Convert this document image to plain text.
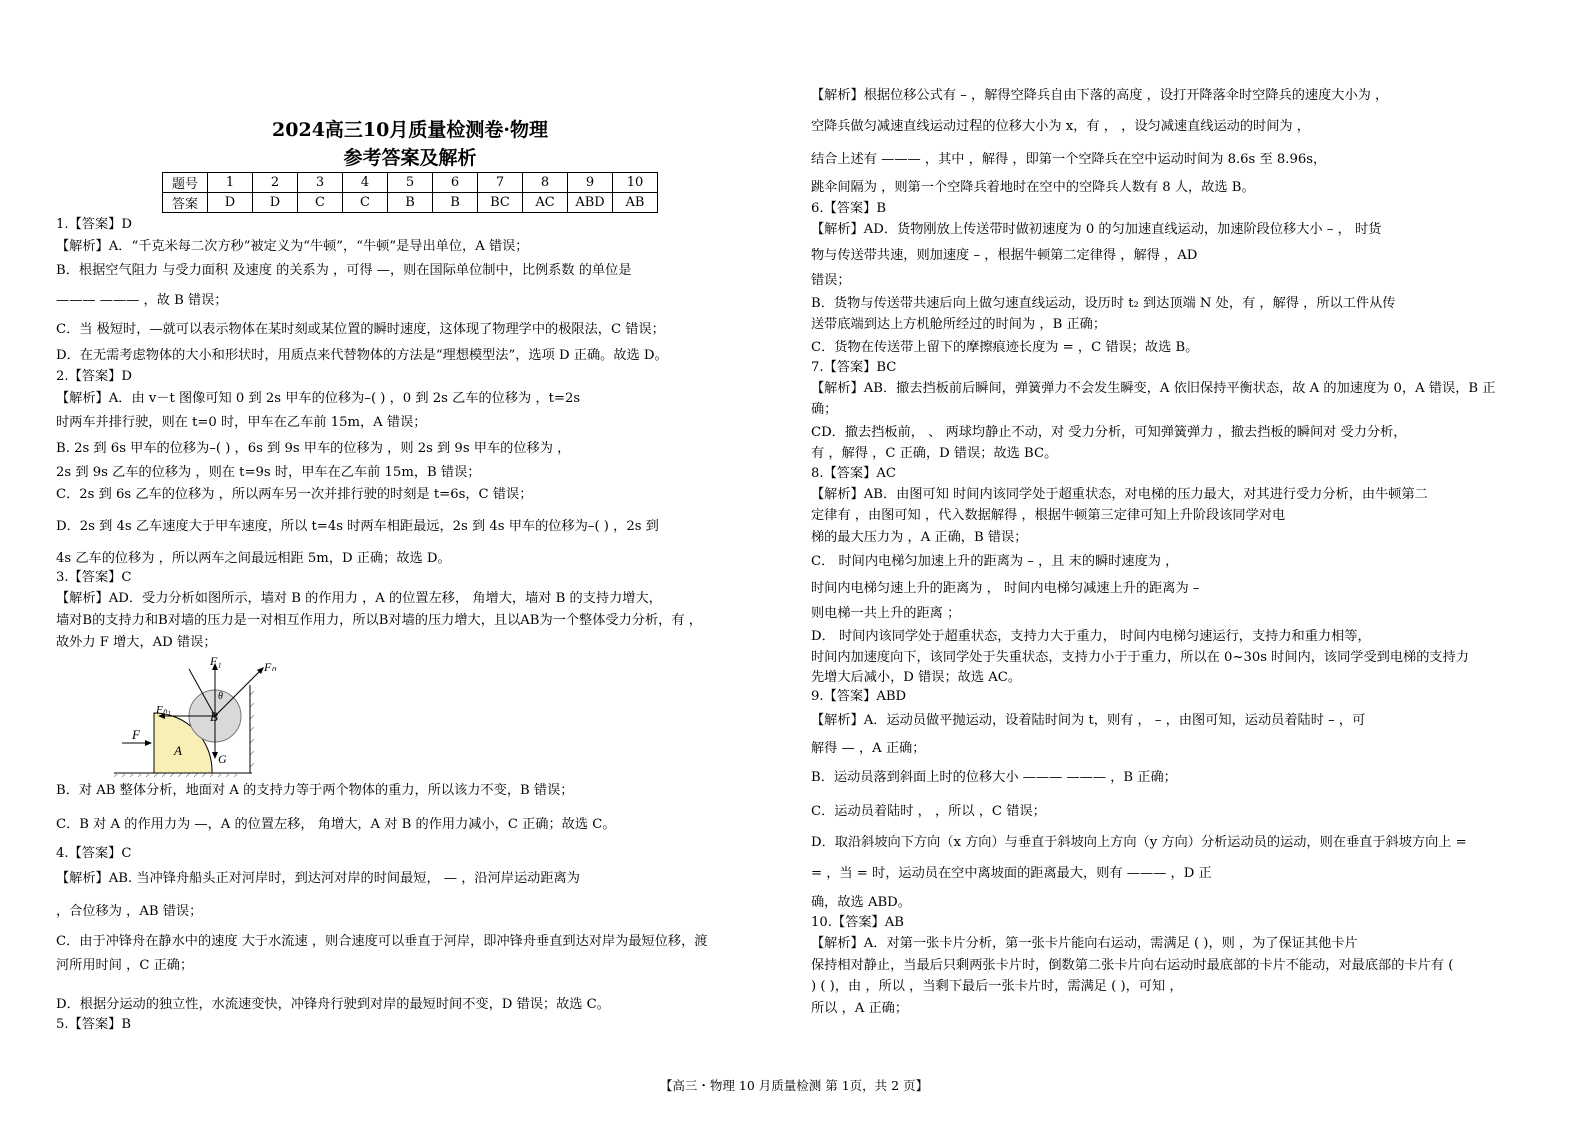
2024高三10月质量检测卷·物理
参考答案及解析
题号	1	2	3	4	5	6	7	8	9	10
答案	D	D	C	C	B	B	BC	AC	ABD	AB
1.【答案】D
【解析】A．“千克米每二次方秒”被定义为“牛顿”，“牛顿”是导出单位，A 错误；
B．根据空气阻力 与受力面积 及速度 的关系为 ，可得 —，则在国际单位制中，比例系数 的单位是
——— ——— ，故 B 错误；
C．当 极短时，—就可以表示物体在某时刻或某位置的瞬时速度，这体现了物理学中的极限法，C 错误；
D．在无需考虑物体的大小和形状时，用质点来代替物体的方法是“理想模型法”，选项 D 正确。故选 D。
2.【答案】D
【解析】A．由 v－t 图像可知 0 到 2s 甲车的位移为–( ) ，0 到 2s 乙车的位移为 ，t=2s
时两车并排行驶，则在 t=0 时，甲车在乙车前 15m，A 错误；
B. 2s 到 6s 甲车的位移为–( ) ，6s 到 9s 甲车的位移为 ，则 2s 到 9s 甲车的位移为 ，
2s 到 9s 乙车的位移为 ，则在 t=9s 时，甲车在乙车前 15m，B 错误；
C．2s 到 6s 乙车的位移为 ，所以两车另一次并排行驶的时刻是 t=6s，C 错误；
D．2s 到 4s 乙车速度大于甲车速度，所以 t=4s 时两车相距最远，2s 到 4s 甲车的位移为–( ) ，2s 到
4s 乙车的位移为 ，所以两车之间最远相距 5m，D 正确；故选 D。
3.【答案】C
【解析】AD．受力分析如图所示，墙对 B 的作用力 ，A 的位置左移， 角增大，墙对 B 的支持力增大，
墙对B的支持力和B对墙的压力是一对相互作用力，所以B对墙的压力增大，且以AB为一个整体受力分析，有 ，
故外力 F 增大，AD 错误；
F₁	Fₙ
Fₙ₁	B
θ
F
A
G
B．对 AB 整体分析，地面对 A 的支持力等于两个物体的重力，所以该力不变，B 错误；
C．B 对 A 的作用力为 —，A 的位置左移， 角增大，A 对 B 的作用力减小，C 正确；故选 C。
4.【答案】C
【解析】AB. 当冲锋舟船头正对河岸时，到达河对岸的时间最短， — ，沿河岸运动距离为
，合位移为 ，AB 错误；
C．由于冲锋舟在静水中的速度 大于水流速 ，则合速度可以垂直于河岸，即冲锋舟垂直到达对岸为最短位移，渡
河所用时间 ，C 正确；
D．根据分运动的独立性，水流速变快，冲锋舟行驶到对岸的最短时间不变，D 错误；故选 C。
5.【答案】B
【解析】根据位移公式有 – ，解得空降兵自由下落的高度 ，设打开降落伞时空降兵的速度大小为 ，
空降兵做匀减速直线运动过程的位移大小为 x，有 ， ，设匀减速直线运动的时间为 ，
结合上述有 ——— ，其中 ，解得 ，即第一个空降兵在空中运动时间为 8.6s 至 8.96s，
跳伞间隔为 ，则第一个空降兵着地时在空中的空降兵人数有 8 人，故选 B。
6.【答案】B
【解析】AD．货物刚放上传送带时做初速度为 0 的匀加速直线运动，加速阶段位移大小 – ， 时货
物与传送带共速，则加速度 – ，根据牛顿第二定律得 ，解得 ，AD
错误；
B．货物与传送带共速后向上做匀速直线运动，设历时 t₂ 到达顶端 N 处，有 ，解得 ，所以工件从传
送带底端到达上方机舱所经过的时间为 ，B 正确；
C．货物在传送带上留下的摩擦痕迹长度为 = ，C 错误；故选 B。
7.【答案】BC
【解析】AB．撤去挡板前后瞬间，弹簧弹力不会发生瞬变，A 依旧保持平衡状态，故 A 的加速度为 0，A 错误，B 正
确；
CD．撤去挡板前， 、 两球均静止不动，对 受力分析，可知弹簧弹力 ，撤去挡板的瞬间对 受力分析，
有 ，解得 ，C 正确，D 错误；故选 BC。
8.【答案】AC
【解析】AB．由图可知 时间内该同学处于超重状态，对电梯的压力最大，对其进行受力分析，由牛顿第二
定律有 ，由图可知 ，代入数据解得 ，根据牛顿第三定律可知上升阶段该同学对电
梯的最大压力为 ，A 正确，B 错误；
C． 时间内电梯匀加速上升的距离为 – ，且 末的瞬时速度为 ，
时间内电梯匀速上升的距离为 ， 时间内电梯匀减速上升的距离为 –
则电梯一共上升的距离 ；
D． 时间内该同学处于超重状态，支持力大于重力， 时间内电梯匀速运行，支持力和重力相等，
时间内加速度向下，该同学处于失重状态，支持力小于于重力，所以在 0~30s 时间内，该同学受到电梯的支持力
先增大后减小，D 错误；故选 AC。
9.【答案】ABD
【解析】A．运动员做平抛运动，设着陆时间为 t，则有 ， – ，由图可知，运动员着陆时 – ，可
解得 — ，A 正确；
B．运动员落到斜面上时的位移大小 ——— ——— ，B 正确；
C．运动员着陆时 ， ，所以 ，C 错误；
D．取沿斜坡向下方向（x 方向）与垂直于斜坡向上方向（y 方向）分析运动员的运动，则在垂直于斜坡方向上 =
= ，当 = 时，运动员在空中离坡面的距离最大，则有 ——— ，D 正
确，故选 ABD。
10.【答案】AB
【解析】A．对第一张卡片分析，第一张卡片能向右运动，需满足 ( )，则 ，为了保证其他卡片
保持相对静止，当最后只剩两张卡片时，倒数第二张卡片向右运动时最底部的卡片不能动，对最底部的卡片有 (
) ( )，由 ，所以 ，当剩下最后一张卡片时，需满足 ( )，可知 ，
所以 ，A 正确；
【高三・物理 10 月质量检测 第 1页，共 2 页】
